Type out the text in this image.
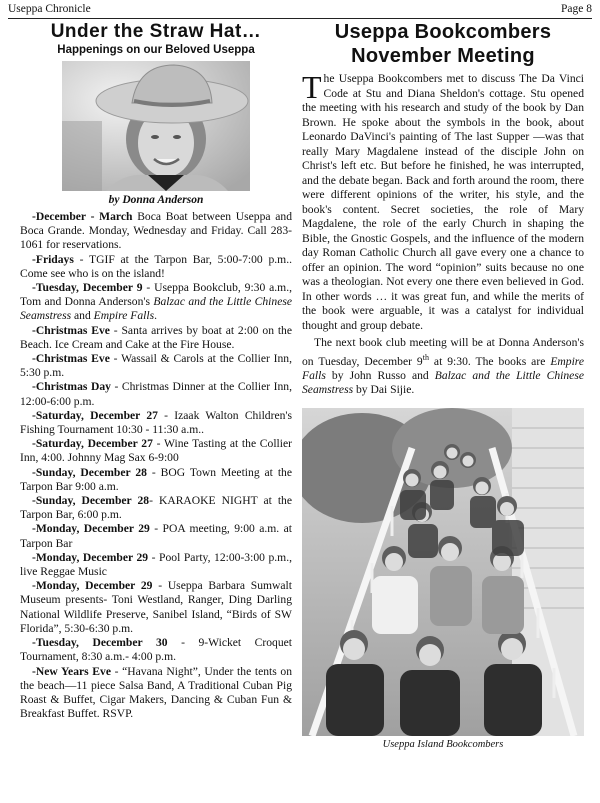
Useppa Chronicle	Page 8
Under the Straw Hat…
Happenings on our Beloved Useppa
by Donna Anderson

-December - March Boca Boat between Useppa and Boca Grande. Monday, Wednesday and Friday. Call 283-1061 for reservations.

-Fridays - TGIF at the Tarpon Bar, 5:00-7:00 p.m.. Come see who is on the island!

-Tuesday, December 9 - Useppa Bookclub, 9:30 a.m., Tom and Donna Anderson's Balzac and the Little Chinese Seamstress and Empire Falls.

-Christmas Eve - Santa arrives by boat at 2:00 on the Beach. Ice Cream and Cake at the Fire House.

-Christmas Eve - Wassail & Carols at the Collier Inn, 5:30 p.m.

-Christmas Day - Christmas Dinner at the Collier Inn, 12:00-6:00 p.m.

-Saturday, December 27 - Izaak Walton Children's Fishing Tournament 10:30 - 11:30 a.m..

-Saturday, December 27 - Wine Tasting at the Collier Inn, 4:00. Johnny Mag Sax 6-9:00

-Sunday, December 28 - BOG Town Meeting at the Tarpon Bar 9:00 a.m.

-Sunday, December 28- KARAOKE NIGHT at the Tarpon Bar, 6:00 p.m.

-Monday, December 29 - POA meeting, 9:00 a.m. at Tarpon Bar

-Monday, December 29 - Pool Party, 12:00-3:00 p.m., live Reggae Music

-Monday, December 29 - Useppa Barbara Sumwalt Museum presents- Toni Westland, Ranger, Ding Darling National Wildlife Preserve, Sanibel Island, “Birds of SW Florida”, 5:30-6:30 p.m.

-Tuesday, December 30 - 9-Wicket Croquet Tournament, 8:30 a.m.- 4:00 p.m.

-New Years Eve - “Havana Night”, Under the tents on the beach—11 piece Salsa Band, A Traditional Cuban Pig Roast & Buffet, Cigar Makers, Dancing & Cuban Fun & Breakfast Buffet. RSVP.

Useppa Bookcombers
November Meeting

The Useppa Bookcombers met to discuss The Da Vinci Code at Stu and Diana Sheldon's cottage. Stu opened the meeting with his research and study of the book by Dan Brown. He spoke about the symbols in the book, about Leonardo DaVinci's painting of The last Supper —was that really Mary Magdalene instead of the disciple John on Christ's left etc. But before he finished, he was interrupted, and the debate began. Back and forth around the room, there were different opinions of the writer, his style, and the book's content. Secret societies, the role of Mary Magdalene, the role of the early Church in shaping the Bible, the Gnostic Gospels, and the influence of the modern day Roman Catholic Church all gave every one a chance to offer an opinion. The word “opinion” suits because no one was a theologian. Not every one there even believed in God. In other words … it was great fun, and while the merits of the book were arguable, it was a catalyst for individual thought and group debate.

The next book club meeting will be at Donna Anderson's on Tuesday, December 9th at 9:30. The books are Empire Falls by John Russo and Balzac and the Little Chinese Seamstress by Dai Sijie.

Useppa Island Bookcombers
